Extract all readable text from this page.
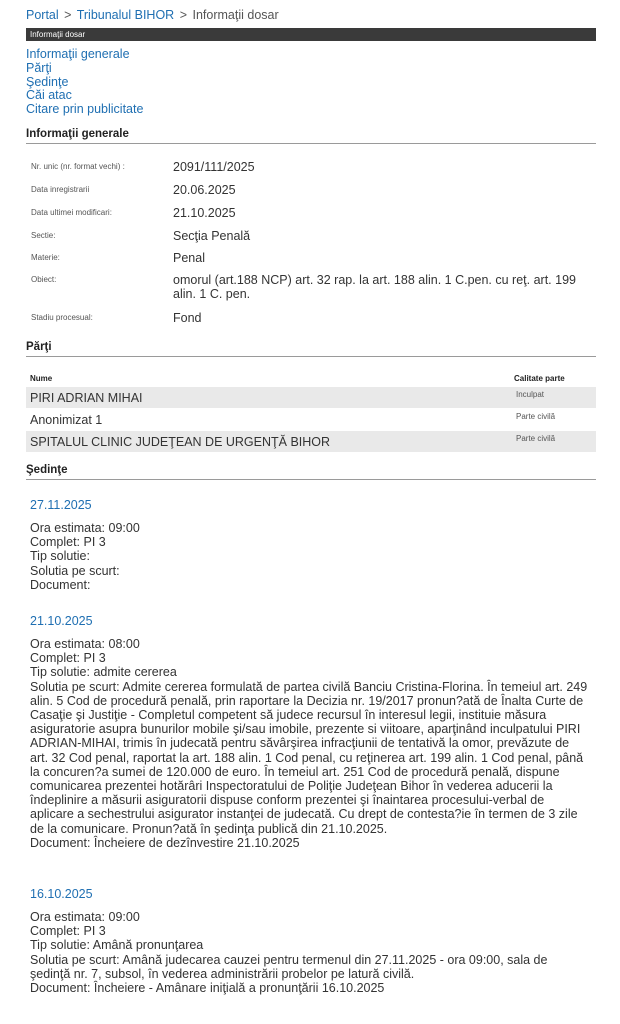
Portal > Tribunalul BIHOR > Informaţii dosar
Informaţii dosar
Informaţii generale
Părţi
Şedinţe
Căi atac
Citare prin publicitate
Informaţii generale
Nr. unic (nr. format vechi) :	2091/111/2025
Data inregistrarii	20.06.2025
Data ultimei modificari:	21.10.2025
Sectie:	Secţia Penală
Materie:	Penal
Obiect:	omorul (art.188 NCP) art. 32 rap. la art. 188 alin. 1 C.pen. cu reţ. art. 199 alin. 1 C. pen.
Stadiu procesual:	Fond
Părţi
Nume	Calitate parte
PIRI ADRIAN MIHAI	Inculpat
Anonimizat 1	Parte civilă
SPITALUL CLINIC JUDEŢEAN DE URGENŢĂ BIHOR	Parte civilă
Şedinţe
27.11.2025
Ora estimata: 09:00
Complet: PI 3
Tip solutie:
Solutia pe scurt:
Document:
21.10.2025
Ora estimata: 08:00
Complet: PI 3
Tip solutie: admite cererea
Solutia pe scurt: Admite cererea formulată de partea civilă Banciu Cristina-Florina. În temeiul art. 249 alin. 5 Cod de procedură penală, prin raportare la Decizia nr. 19/2017 pronun?ată de Înalta Curte de Casaţie şi Justiţie - Completul competent să judece recursul în interesul legii, instituie măsura asiguratorie asupra bunurilor mobile şi/sau imobile, prezente si viitoare, aparţinând inculpatului PIRI ADRIAN-MIHAI, trimis în judecată pentru săvârşirea infracţiunii de tentativă la omor, prevăzute de art. 32 Cod penal, raportat la art. 188 alin. 1 Cod penal, cu reţinerea art. 199 alin. 1 Cod penal, până la concuren?a sumei de 120.000 de euro. În temeiul art. 251 Cod de procedură penală, dispune comunicarea prezentei hotărâri Inspectoratului de Poliţie Judeţean Bihor în vederea aducerii la îndeplinire a măsurii asiguratorii dispuse conform prezentei şi înaintarea procesului-verbal de aplicare a sechestrului asigurator instanţei de judecată. Cu drept de contesta?ie în termen de 3 zile de la comunicare. Pronun?ată în şedinţa publică din 21.10.2025.
Document: Încheiere de dezînvestire 21.10.2025
16.10.2025
Ora estimata: 09:00
Complet: PI 3
Tip solutie: Amână pronunţarea
Solutia pe scurt: Amână judecarea cauzei pentru termenul din 27.11.2025 - ora 09:00, sala de şedinţă nr. 7, subsol, în vederea administrării probelor pe latură civilă.
Document: Încheiere - Amânare iniţială a pronunţării 16.10.2025
